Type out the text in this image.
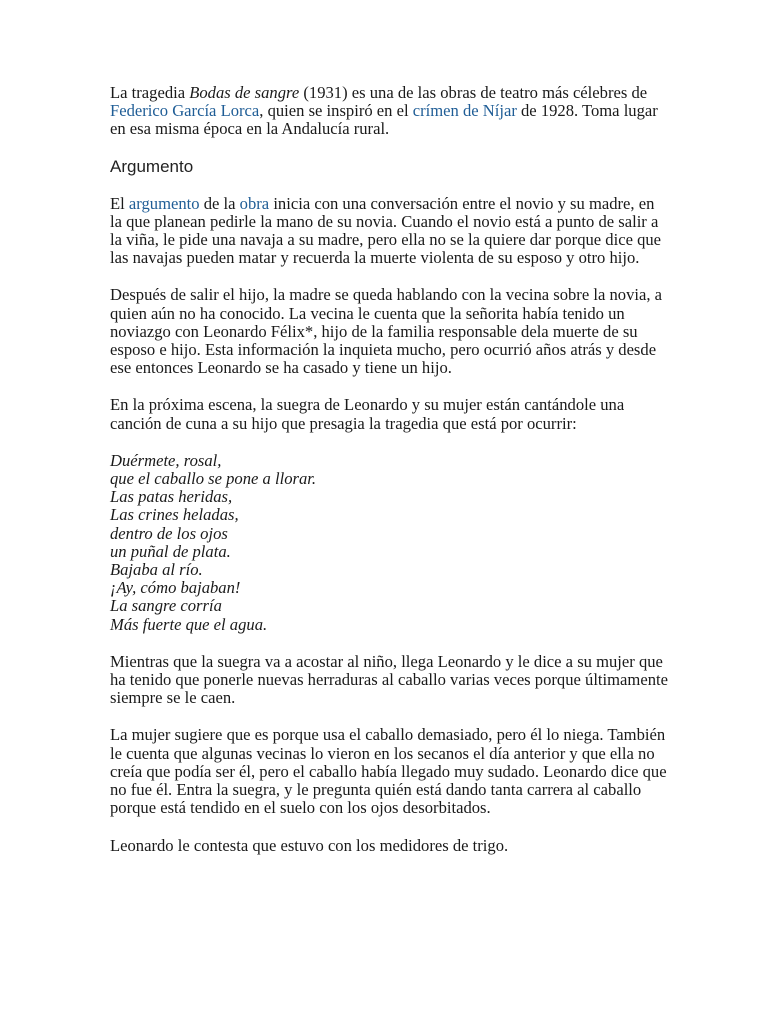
La tragedia Bodas de sangre (1931) es una de las obras de teatro más célebres de Federico García Lorca, quien se inspiró en el crímen de Níjar de 1928. Toma lugar en esa misma época en la Andalucía rural.

Argumento

El argumento de la obra inicia con una conversación entre el novio y su madre, en la que planean pedirle la mano de su novia. Cuando el novio está a punto de salir a la viña, le pide una navaja a su madre, pero ella no se la quiere dar porque dice que las navajas pueden matar y recuerda la muerte violenta de su esposo y otro hijo.

Después de salir el hijo, la madre se queda hablando con la vecina sobre la novia, a quien aún no ha conocido. La vecina le cuenta que la señorita había tenido un noviazgo con Leonardo Félix*, hijo de la familia responsable dela muerte de su esposo e hijo. Esta información la inquieta mucho, pero ocurrió años atrás y desde ese entonces Leonardo se ha casado y tiene un hijo.

En la próxima escena, la suegra de Leonardo y su mujer están cantándole una canción de cuna a su hijo que presagia la tragedia que está por ocurrir:

Duérmete, rosal,
que el caballo se pone a llorar.
Las patas heridas,
Las crines heladas,
dentro de los ojos
un puñal de plata.
Bajaba al río.
¡Ay, cómo bajaban!
La sangre corría
Más fuerte que el agua.

Mientras que la suegra va a acostar al niño, llega Leonardo y le dice a su mujer que ha tenido que ponerle nuevas herraduras al caballo varias veces porque últimamente siempre se le caen.

La mujer sugiere que es porque usa el caballo demasiado, pero él lo niega. También le cuenta que algunas vecinas lo vieron en los secanos el día anterior y que ella no creía que podía ser él, pero el caballo había llegado muy sudado. Leonardo dice que no fue él. Entra la suegra, y le pregunta quién está dando tanta carrera al caballo porque está tendido en el suelo con los ojos desorbitados.

Leonardo le contesta que estuvo con los medidores de trigo.
